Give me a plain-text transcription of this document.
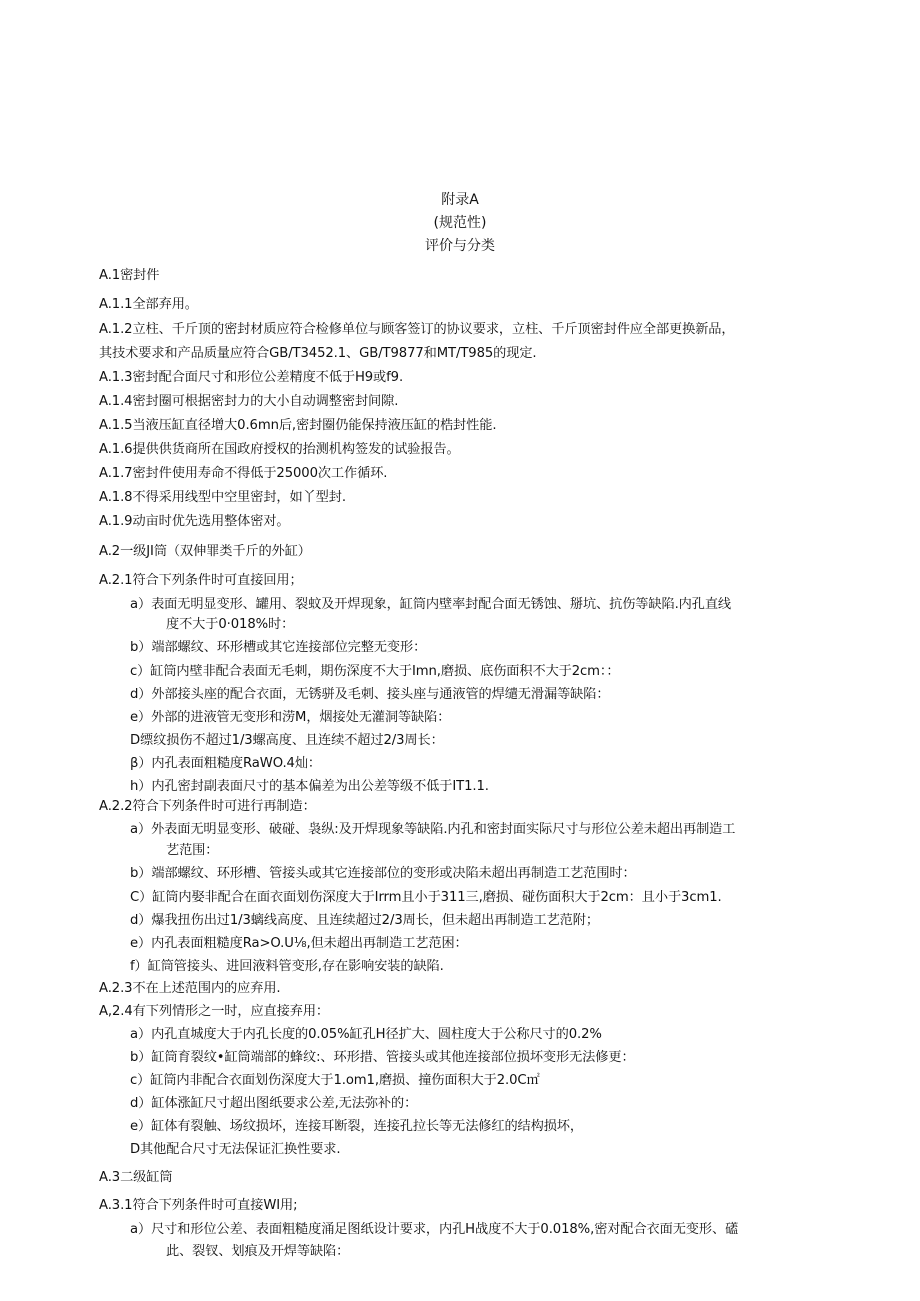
附录A
(规范性)
评价与分类
A.1密封件
A.1.1全部弃用。
A.1.2立柱、千斤顶的密封材质应符合检修单位与顾客签订的协议要求，立柱、千斤顶密封件应全部更换新品，
其技术要求和产品质量应符合GB/T3452.1、GB/T9877和MT/T985的现定.
A.1.3密封配合面尺寸和形位公差精度不低于H9或f9.
A.1.4密封圈可根据密封力的大小自动调整密封间隙.
A.1.5当液压缸直径增大0.6mn后,密封圈仍能保持液压缸的梏封性能.
A.1.6提供供货商所在国政府授权的抬测机构签发的试验报告。
A.1.7密封件使用寿命不得低于25000次工作循环.
A.1.8不得采用线型中空里密封，如丫型封.
A.1.9动亩时优先选用整体密对。
A.2一级JI筒（双伸罪类千斤的外缸）
A.2.1符合下列条件时可直接回用；
a）表面无明显变形、罐用、裂蚊及开焊现象，缸筒内壁率封配合面无锈蚀、掰坑、抗伤等缺陷.内孔直线
度不大于0·018%时：
b）端部螺纹、环形槽或其它连接部位完整无变形：
c）缸筒内壁非配合表面无毛刺，期伤深度不大于Imn,磨损、底伤面积不大于2cm：：
d）外部接头座的配合衣面，无锈骈及毛刺、接头座与通液管的焊缱无滑漏等缺陷：
e）外部的进液管无变形和涝M，烟接处无灌洞等缺陷：
D缥纹损伤不超过1/3螺高度、且连续不超过2/3周长：
β）内孔表面粗糙度RaWO.4灿：
h）内孔密封副表面尺寸的基本偏差为出公差等级不低于IT1.1.
A.2.2符合下列条件时可进行再制造：
a）外表面无明显变形、破碰、袅纵:及开焊现象等缺陷.内孔和密封面实际尺寸与形位公差未超出再制造工
艺范围：
b）端部螺纹、环形槽、管接头或其它连接部位的变形或决陷未超出再制造工艺范围时：
C）缸筒内娶非配合在面衣面划伤深度大于Irrm且小于311三,磨损、碰伤面积大于2cm：且小于3cm1.
d）爆我扭伤出过1/3螭线高度、且连续超过2/3周长，但未超出再制造工艺范附；
e）内孔表面粗糙度Ra>O.U⅛,但未超出再制造工艺范困：
f）缸筒管接头、进回液料管变形,存在影响安装的缺陷.
A.2.3不在上述范围内的应弃用.
A,2.4有下列情形之一时，应直接弃用：
a）内孔直城度大于内孔长度的0.05%缸孔H径扩大、圆柱度大于公称尺寸的0.2%
b）缸筒育裂纹•缸筒端部的蜂纹:、环形措、管接头或其他连接部位损坏变形无法修更：
c）缸筒内非配合衣面划伤深度大于1.om1,磨损、撞伤面积大于2.0C㎡
d）缸体涨缸尺寸超出图纸要求公差,无法弥补的：
e）缸体有裂触、场纹损坏，连接耳断裂，连接孔拉长等无法修红的结构损坏，
D其他配合尺寸无法保证汇换性要求.
A.3二级缸筒
A.3.1符合下列条件时可直接WI用;
a）尺寸和形位公差、表面粗糙度涌足图纸设计要求，内孔H战度不大于0.018%,密对配合衣面无变形、礚
此、裂钗、划痕及开焊等缺陷：
